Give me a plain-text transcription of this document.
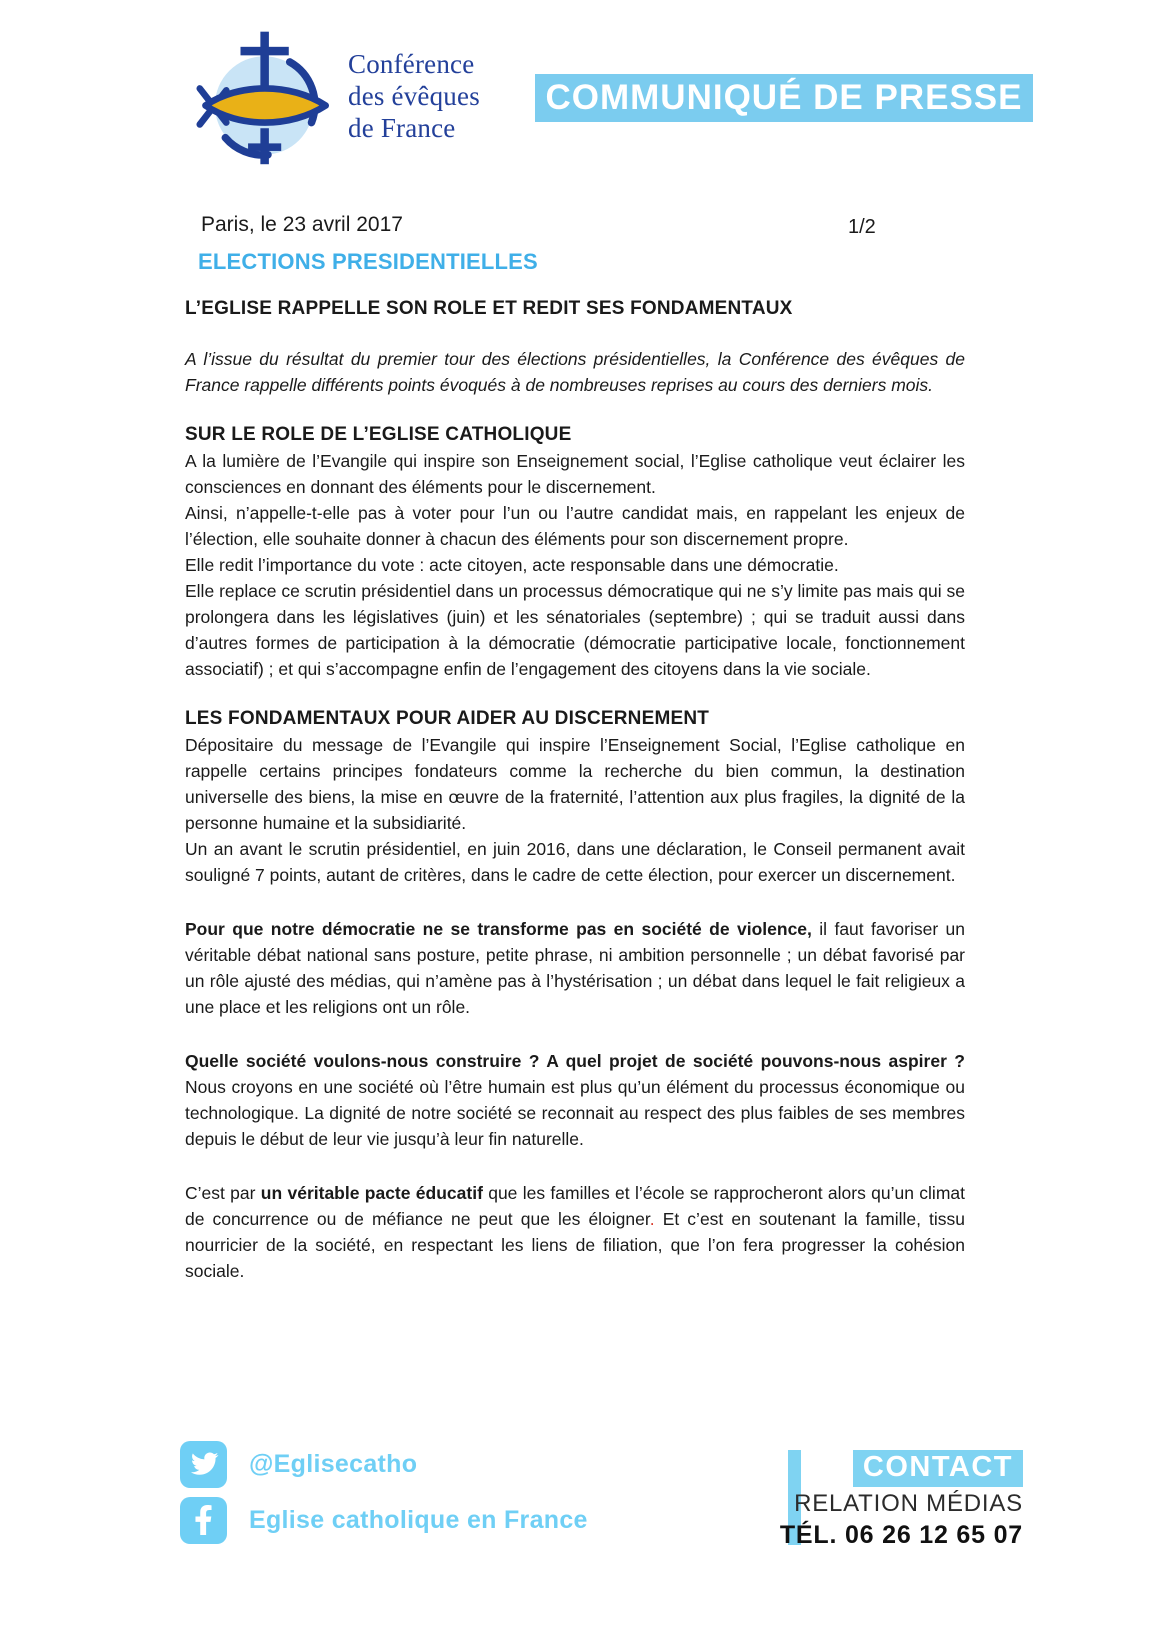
Conférence
des évêques
de France
COMMUNIQUÉ DE PRESSE
Paris, le 23 avril 2017	1/2
ELECTIONS PRESIDENTIELLES
L’EGLISE RAPPELLE SON ROLE ET REDIT SES FONDAMENTAUX

A l’issue du résultat du premier tour des élections présidentielles, la Conférence des évêques de France rappelle différents points évoqués à de nombreuses reprises au cours des derniers mois.

SUR LE ROLE DE L’EGLISE CATHOLIQUE

A la lumière de l’Evangile qui inspire son Enseignement social, l’Eglise catholique veut éclairer les consciences en donnant des éléments pour le discernement.

Ainsi, n’appelle-t-elle pas à voter pour l’un ou l’autre candidat mais, en rappelant les enjeux de l’élection, elle souhaite donner à chacun des éléments pour son discernement propre.

Elle redit l’importance du vote : acte citoyen, acte responsable dans une démocratie.

Elle replace ce scrutin présidentiel dans un processus démocratique qui ne s’y limite pas mais qui se prolongera dans les législatives (juin) et les sénatoriales (septembre) ; qui se traduit aussi dans d’autres formes de participation à la démocratie (démocratie participative locale, fonctionnement associatif) ; et qui s’accompagne enfin de l’engagement des citoyens dans la vie sociale.

LES FONDAMENTAUX POUR AIDER AU DISCERNEMENT

Dépositaire du message de l’Evangile qui inspire l’Enseignement Social, l’Eglise catholique en rappelle certains principes fondateurs comme la recherche du bien commun, la destination universelle des biens, la mise en œuvre de la fraternité, l’attention aux plus fragiles, la dignité de la personne humaine et la subsidiarité.

Un an avant le scrutin présidentiel, en juin 2016, dans une déclaration, le Conseil permanent avait souligné 7 points, autant de critères, dans le cadre de cette élection, pour exercer un discernement.

Pour que notre démocratie ne se transforme pas en société de violence, il faut favoriser un véritable débat national sans posture, petite phrase, ni ambition personnelle ; un débat favorisé par un rôle ajusté des médias, qui n’amène pas à l’hystérisation ; un débat dans lequel le fait religieux a une place et les religions ont un rôle.

Quelle société voulons-nous construire ? A quel projet de société pouvons-nous aspirer ? Nous croyons en une société où l’être humain est plus qu’un élément du processus économique ou technologique. La dignité de notre société se reconnait au respect des plus faibles de ses membres depuis le début de leur vie jusqu’à leur fin naturelle.

C’est par un véritable pacte éducatif que les familles et l’école se rapprocheront alors qu’un climat de concurrence ou de méfiance ne peut que les éloigner. Et c’est en soutenant la famille, tissu nourricier de la société, en respectant les liens de filiation, que l’on fera progresser la cohésion sociale.

@Eglisecatho
Eglise catholique en France
CONTACT
RELATION MÉDIAS
TÉL. 06 26 12 65 07
